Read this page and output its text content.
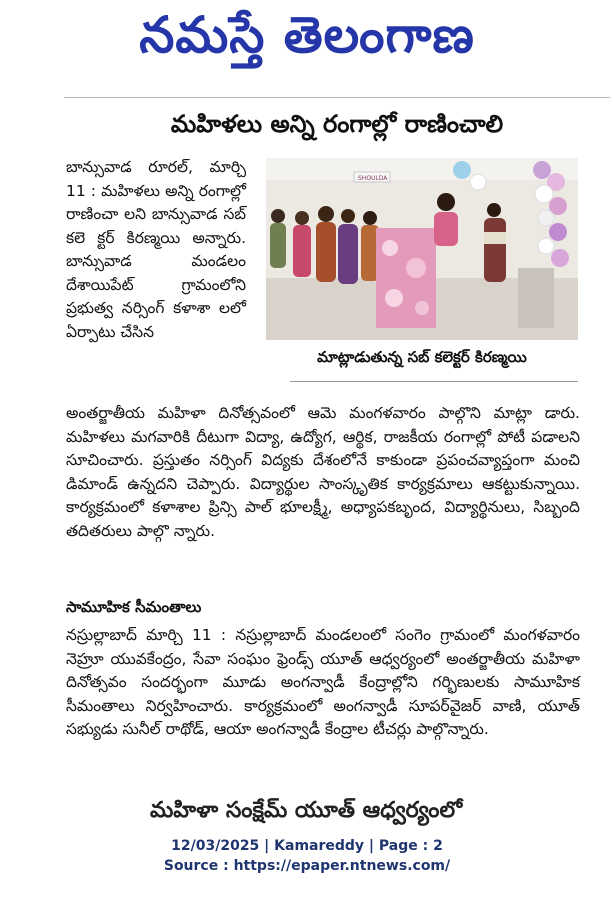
నమస్తే తెలంగాణ
మహిళలు అన్ని రంగాల్లో రాణించాలి
బాన్సువాడ రూరల్, మార్చి 11 : మహిళలు అన్ని రంగాల్లో రాణించా లని బాన్సువాడ సబ్ కలె క్టర్ కిరణ్మయి అన్నారు. బాన్సువాడ మండలం దేశాయిపేట్ గ్రామంలోని ప్రభుత్వ నర్సింగ్ కళాశా లలో ఏర్పాటు చేసిన
SHOULDA
మాట్లాడుతున్న సబ్ కలెక్టర్ కిరణ్మయి
అంతర్జాతీయ మహిళా దినోత్సవంలో ఆమె మంగళవారం పాల్గొని మాట్లా డారు. మహిళలు మగవారికి దీటుగా విద్యా, ఉద్యోగ, ఆర్థిక, రాజకీయ రంగాల్లో పోటీ పడాలని సూచించారు. ప్రస్తుతం నర్సింగ్ విద్యకు దేశంలోనే కాకుండా ప్రపంచవ్యాప్తంగా మంచి డిమాండ్ ఉన్నదని చెప్పారు. విద్యార్థుల సాంస్కృతిక కార్యక్రమాలు ఆకట్టుకున్నాయి. కార్యక్రమంలో కళాశాల ప్రిన్సి పాల్ భూలక్ష్మీ, అధ్యాపకబృంద, విద్యార్థినులు, సిబ్బంది తదితరులు పాల్గొ న్నారు.
సామూహిక సీమంతాలు
నస్రుల్లాబాద్ మార్చి 11 : నస్రుల్లాబాద్ మండలంలో సంగెం గ్రామంలో మంగళవారం నెహ్రూ యువకేంద్రం, సేవా సంఘం ఫ్రెండ్స్ యూత్ ఆధ్వర్యంలో అంతర్జాతీయ మహిళా దినోత్సవం సందర్భంగా మూడు అంగన్వాడీ కేంద్రాల్లోని గర్భిణులకు సామూహిక సీమంతాలు నిర్వహించారు. కార్యక్రమంలో అంగన్వాడీ సూపర్‌వైజర్ వాణి, యూత్ సభ్యుడు సునీల్ రాథోడ్, ఆయా అంగన్వాడీ కేంద్రాల టీచర్లు పాల్గొన్నారు.
మహిళా సంక్షేమ్ యూత్ ఆధ్వర్యంలో
12/03/2025 | Kamareddy | Page : 2
Source : https://epaper.ntnews.com/
